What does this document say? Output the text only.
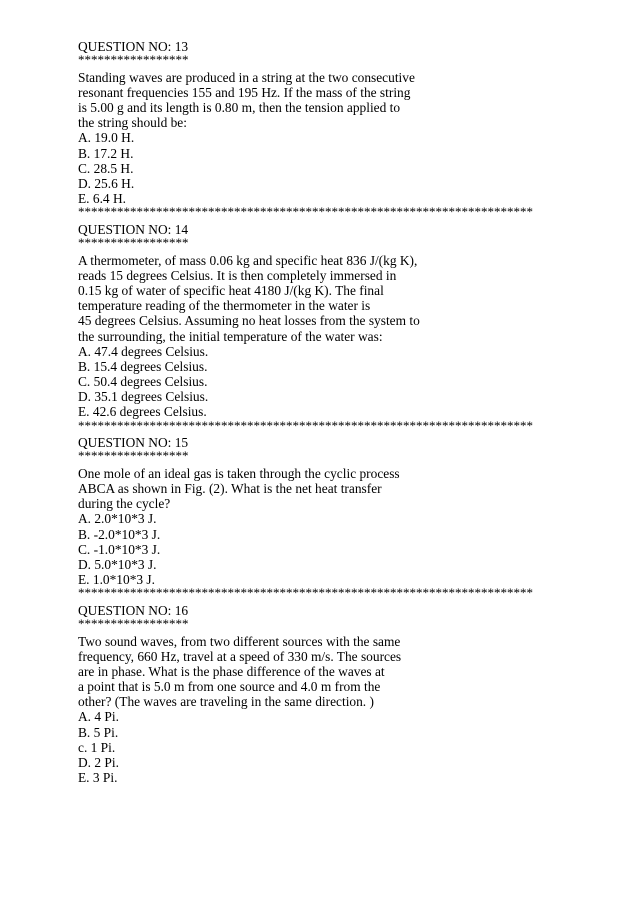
QUESTION NO: 13
*****************
Standing waves are produced in a string at the two consecutive
resonant frequencies 155 and 195 Hz. If the mass of the string
is 5.00 g and its length is 0.80 m, then the tension applied to
the string should be:
A. 19.0 H.
B. 17.2 H.
C. 28.5 H.
D. 25.6 H.
E. 6.4 H.
**********************************************************************
QUESTION NO: 14
*****************
A thermometer, of mass 0.06 kg and specific heat 836 J/(kg K),
reads 15 degrees Celsius. It is then completely immersed in
0.15 kg of water of specific heat 4180 J/(kg K). The final
temperature reading of the thermometer in the water is
45 degrees Celsius. Assuming no heat losses from the system to
the surrounding, the initial temperature of the water was:
A. 47.4 degrees Celsius.
B. 15.4 degrees Celsius.
C. 50.4 degrees Celsius.
D. 35.1 degrees Celsius.
E. 42.6 degrees Celsius.
**********************************************************************
QUESTION NO: 15
*****************
One mole of an ideal gas is taken through the cyclic process
ABCA as shown in Fig. (2). What is the net heat transfer
during the cycle?
A. 2.0*10*3 J.
B. -2.0*10*3 J.
C. -1.0*10*3 J.
D. 5.0*10*3 J.
E. 1.0*10*3 J.
**********************************************************************
QUESTION NO: 16
*****************
Two sound waves, from two different sources with the same
frequency, 660 Hz, travel at a speed of 330 m/s. The sources
are in phase. What is the phase difference of the waves at
a point that is 5.0 m from one source and 4.0 m from the
other? (The waves are traveling in the same direction. )
A. 4 Pi.
B. 5 Pi.
c. 1 Pi.
D. 2 Pi.
E. 3 Pi.
